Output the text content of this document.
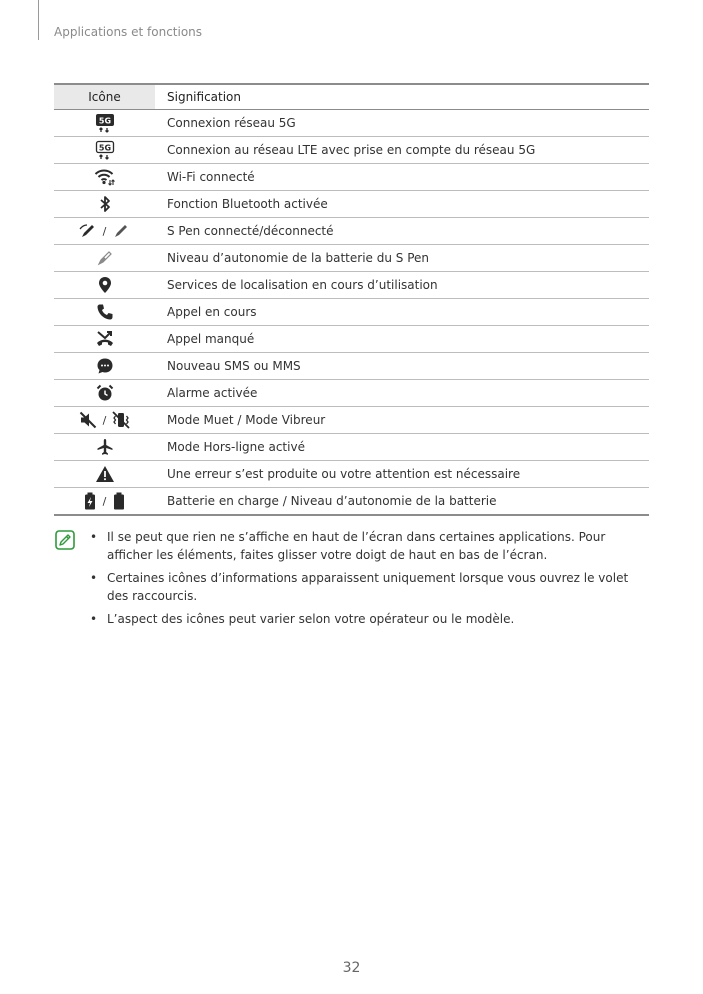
Applications et fonctions
Icône	Signification

5G	Connexion réseau 5G

5G	Connexion au réseau LTE avec prise en compte du réseau 5G
	Wi-Fi connecté
	Fonction Bluetooth activée
/	S Pen connecté/déconnecté
	Niveau d’autonomie de la batterie du S Pen
	Services de localisation en cours d’utilisation
	Appel en cours
	Appel manqué
	Nouveau SMS ou MMS
	Alarme activée
/	Mode Muet / Mode Vibreur
	Mode Hors-ligne activé
	Une erreur s’est produite ou votre attention est nécessaire
/	Batterie en charge / Niveau d’autonomie de la batterie
• Il se peut que rien ne s’affiche en haut de l’écran dans certaines applications. Pour afficher les éléments, faites glisser votre doigt de haut en bas de l’écran.
• Certaines icônes d’informations apparaissent uniquement lorsque vous ouvrez le volet des raccourcis.
• L’aspect des icônes peut varier selon votre opérateur ou le modèle.
32
